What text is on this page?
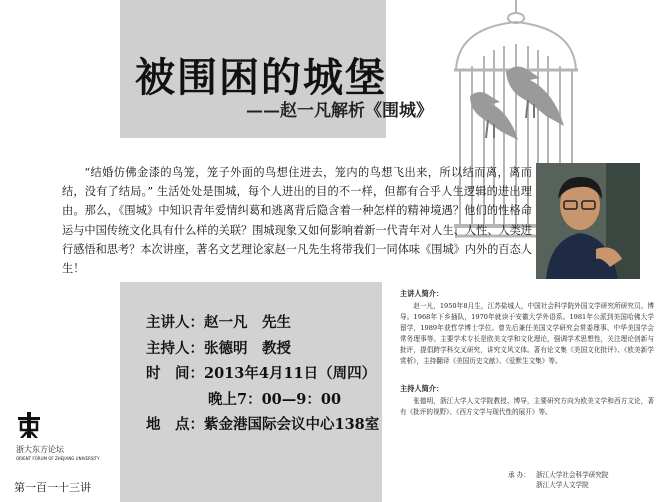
被围困的城堡
——赵一凡解析《围城》
“结婚仿佛金漆的鸟笼，笼子外面的鸟想住进去，笼内的鸟想飞出来，所以结而离，离而结，没有了结局。” 生活处处是围城，每个人进出的目的不一样，但都有合乎人生逻辑的进出理由。那么，《围城》中知识青年爱情纠葛和逃离背后隐含着一种怎样的精神境遇？他们的性格命运与中国传统文化具有什么样的关联？围城现象又如何影响着新一代青年对人生、人性、人类进行感悟和思考？本次讲座，著名文艺理论家赵一凡先生将带我们一同体味《围城》内外的百态人生！
主讲人：赵一凡　先生
主持人：张德明　教授
时　间：2013年4月11日（周四）
晚上7：00—9：00
地　点：紫金港国际会议中心138室
主讲人简介：

赵一凡，1950年8月生，江苏盐城人，中国社会科学院外国文学研究所研究员、博导。1968年下乡插队，1970年就读于安徽大学外语系。1981年公派到美国哈佛大学留学，1989年获哲学博士学位。曾先后兼任美国文学研究会常委理事、中华美国学会常务理事等。主要学术专长是欧美文学和文化理论，强调学术思想性，关注理论创新与批评，提倡跨学科交叉研究，讲究文风文体。著有论文集《美国文化批评》、《欧美新学赏析》，主持翻译《美国历史文献》、《爱默生文集》等。

主持人简介：

张德明，浙江大学人文学院教授、博导，主要研究方向为欧美文学和西方文论，著有《批评的视野》、《西方文学与现代性的展开》等。

承 办： 浙江大学社会科学研究院
浙江大学人文学院
浙大东方论坛
ORIENT FORUM OF ZHEJIANG UNIVERSITY
第一百一十三讲
